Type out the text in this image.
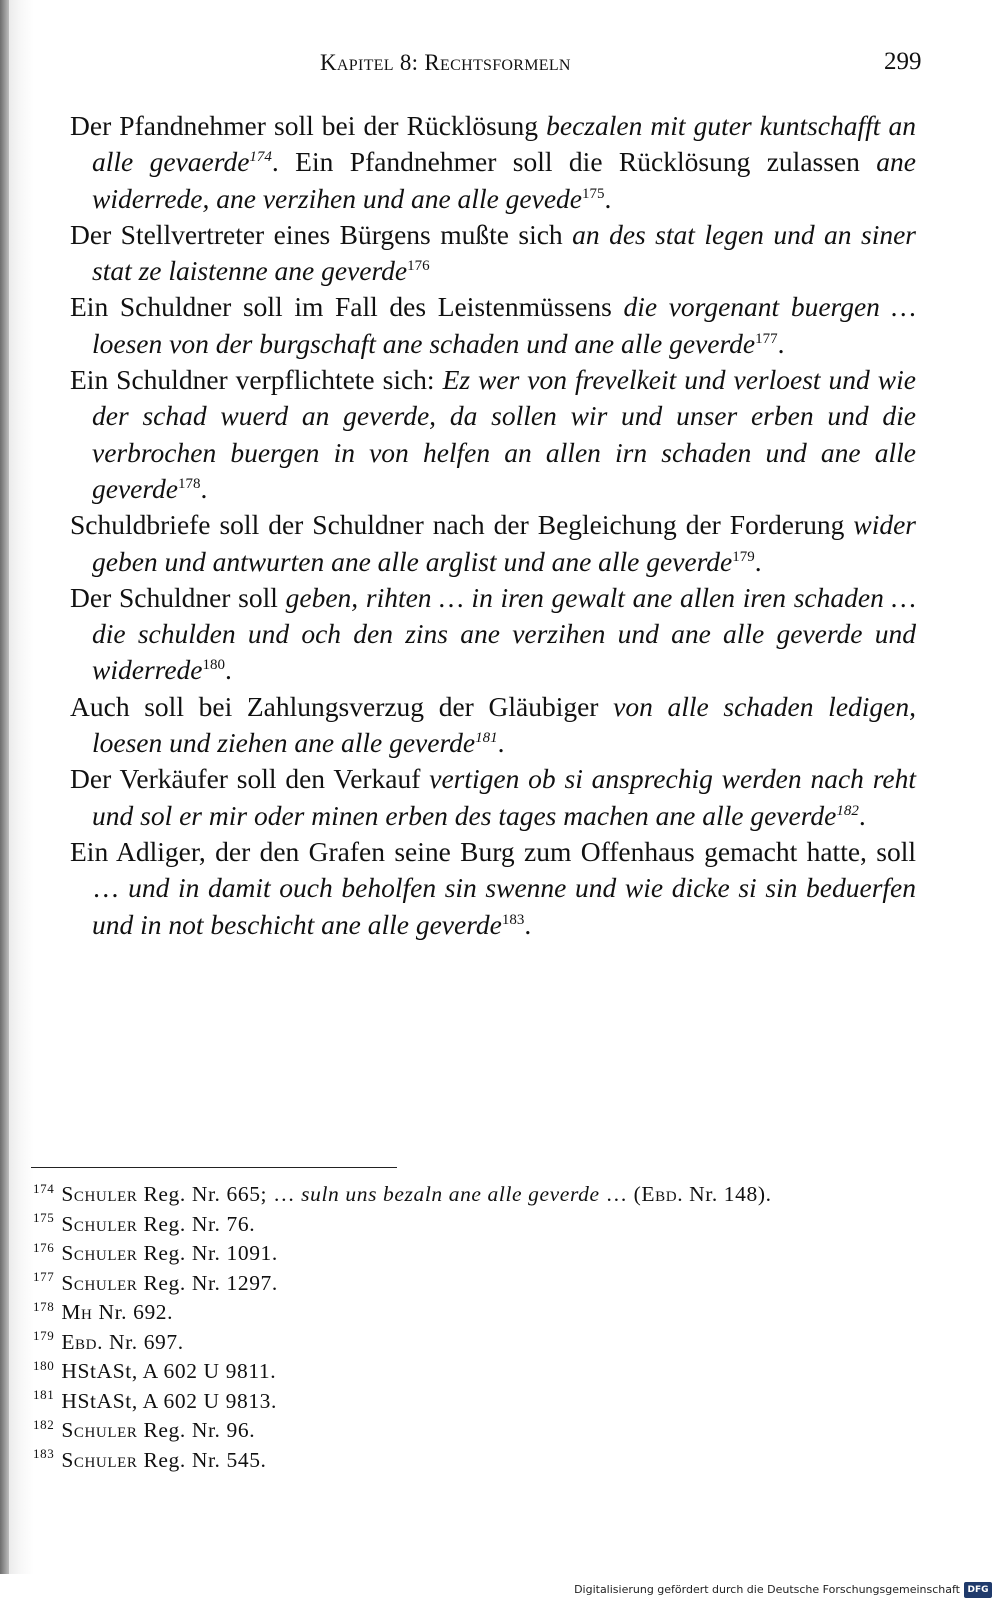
Kapitel 8: Rechtsformeln	299

Der Pfandnehmer soll bei der Rücklösung beczalen mit guter kuntschafft an alle gevaerde$^{174}$. Ein Pfandnehmer soll die Rücklösung zulassen ane widerrede, ane verzihen und ane alle gevede$^{175}$.

Der Stellvertreter eines Bürgens mußte sich an des stat legen und an siner stat ze laistenne ane geverde$^{176}$

Ein Schuldner soll im Fall des Leistenmüssens die vorgenant buergen … loesen von der burgschaft ane schaden und ane alle geverde$^{177}$.

Ein Schuldner verpflichtete sich: Ez wer von frevelkeit und verloest und wie der schad wuerd an geverde, da sollen wir und unser erben und die verbrochen buergen in von helfen an allen irn schaden und ane alle geverde$^{178}$.

Schuldbriefe soll der Schuldner nach der Begleichung der Forderung wider geben und antwurten ane alle arglist und ane alle geverde$^{179}$.

Der Schuldner soll geben, rihten … in iren gewalt ane allen iren schaden … die schulden und och den zins ane verzihen und ane alle geverde und widerrede$^{180}$.

Auch soll bei Zahlungsverzug der Gläubiger von alle schaden ledigen, loesen und ziehen ane alle geverde$^{181}$.

Der Verkäufer soll den Verkauf vertigen ob si ansprechig werden nach reht und sol er mir oder minen erben des tages machen ane alle geverde$^{182}$.

Ein Adliger, der den Grafen seine Burg zum Offenhaus gemacht hatte, soll … und in damit ouch beholfen sin swenne und wie dicke si sin beduerfen und in not beschicht ane alle geverde$^{183}$.

$^{174}$ Schuler Reg. Nr. 665; … suln uns bezaln ane alle geverde … (Ebd. Nr. 148).
$^{175}$ Schuler Reg. Nr. 76.
$^{176}$ Schuler Reg. Nr. 1091.
$^{177}$ Schuler Reg. Nr. 1297.
$^{178}$ Mh Nr. 692.
$^{179}$ Ebd. Nr. 697.
$^{180}$ HStASt, A 602 U 9811.
$^{181}$ HStASt, A 602 U 9813.
$^{182}$ Schuler Reg. Nr. 96.
$^{183}$ Schuler Reg. Nr. 545.
Digitalisierung gefördert durch die Deutsche Forschungsgemeinschaft DFG
